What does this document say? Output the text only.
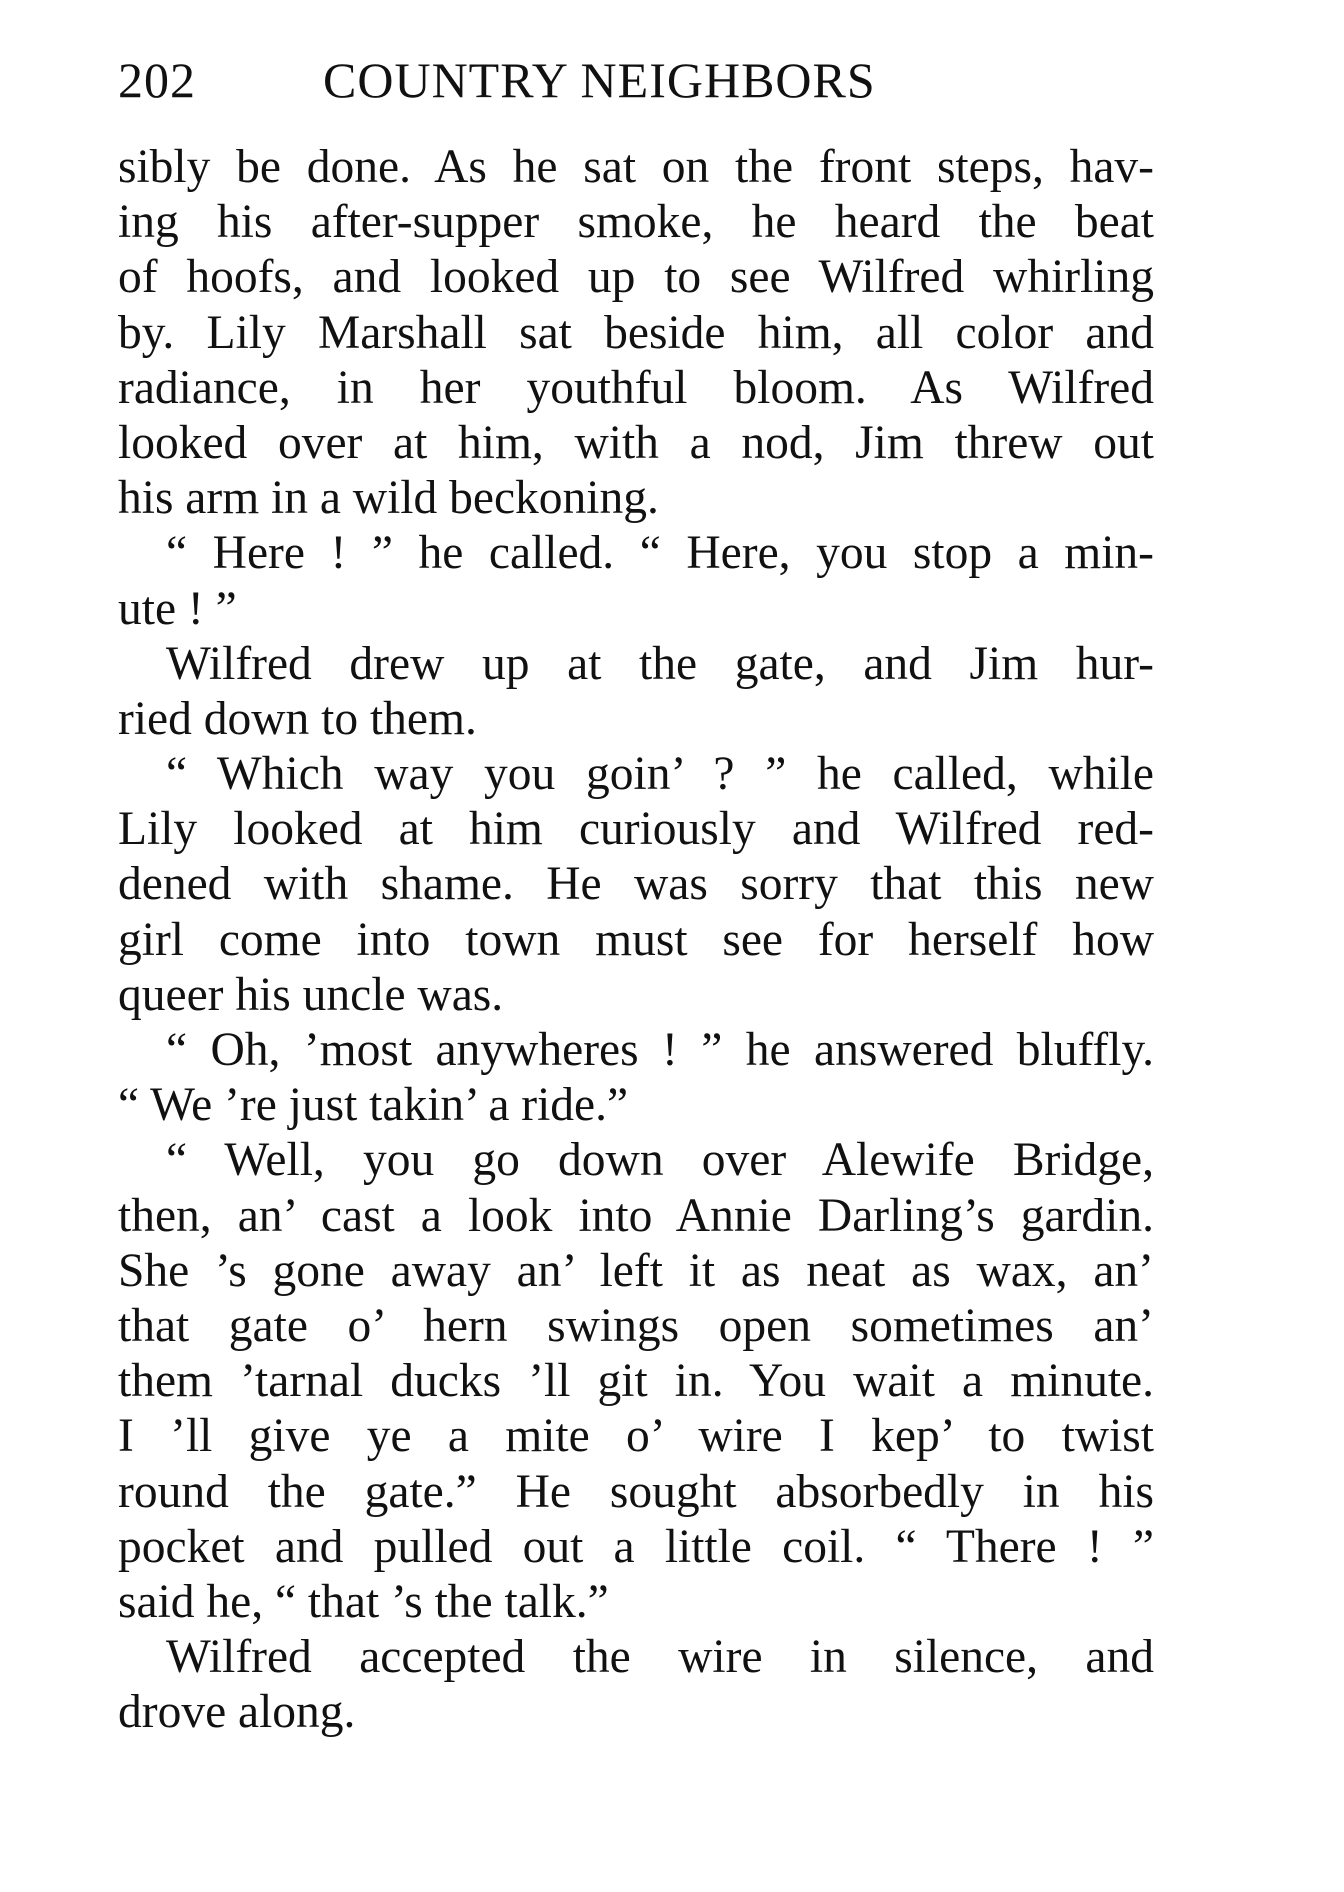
202	COUNTRY NEIGHBORS
sibly be done. As he sat on the front steps, hav-
ing his after-supper smoke, he heard the beat
of hoofs, and looked up to see Wilfred whirling
by. Lily Marshall sat beside him, all color and
radiance, in her youthful bloom. As Wilfred
looked over at him, with a nod, Jim threw out
his arm in a wild beckoning.
“ Here ! ” he called. “ Here, you stop a min-
ute ! ”
Wilfred drew up at the gate, and Jim hur-
ried down to them.
“ Which way you goin’ ? ” he called, while
Lily looked at him curiously and Wilfred red-
dened with shame. He was sorry that this new
girl come into town must see for herself how
queer his uncle was.
“ Oh, ’most anywheres ! ” he answered bluffly.
“ We ’re just takin’ a ride.”
“ Well, you go down over Alewife Bridge,
then, an’ cast a look into Annie Darling’s gardin.
She ’s gone away an’ left it as neat as wax, an’
that gate o’ hern swings open sometimes an’
them ’tarnal ducks ’ll git in. You wait a minute.
I ’ll give ye a mite o’ wire I kep’ to twist
round the gate.” He sought absorbedly in his
pocket and pulled out a little coil. “ There ! ”
said he, “ that ’s the talk.”
Wilfred accepted the wire in silence, and
drove along.
